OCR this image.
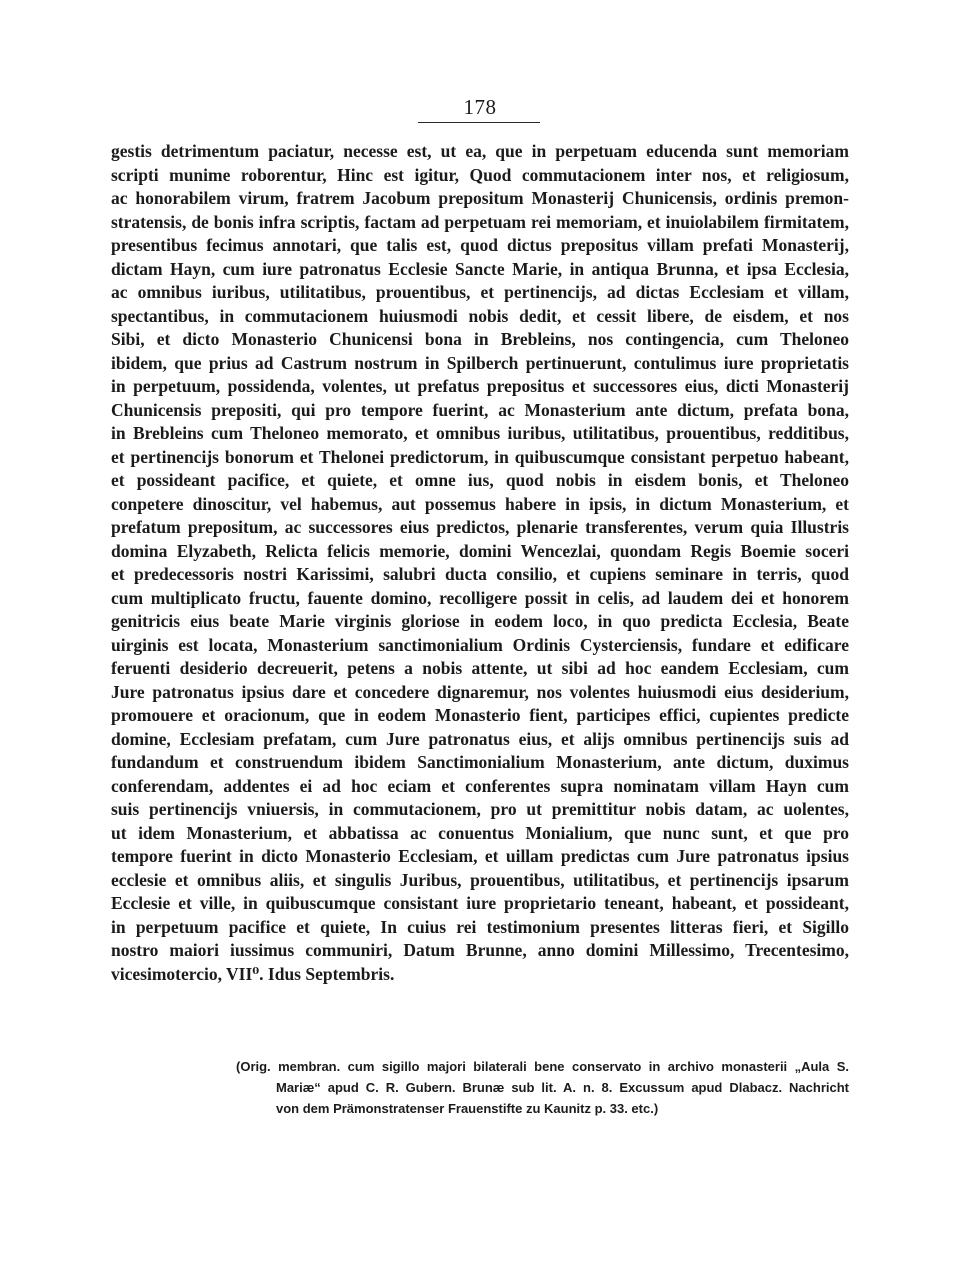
178
gestis detrimentum paciatur, necesse est, ut ea, que in perpetuam educenda sunt memoriam
scripti munime roborentur, Hinc est igitur, Quod commutacionem inter nos, et religiosum,
ac honorabilem virum, fratrem Jacobum prepositum Monasterij Chunicensis, ordinis premon-
stratensis, de bonis infra scriptis, factam ad perpetuam rei memoriam, et inuiolabilem firmitatem,
presentibus fecimus annotari, que talis est, quod dictus prepositus villam prefati Monasterij,
dictam Hayn, cum iure patronatus Ecclesie Sancte Marie, in antiqua Brunna, et ipsa Ecclesia,
ac omnibus iuribus, utilitatibus, prouentibus, et pertinencijs, ad dictas Ecclesiam et villam,
spectantibus, in commutacionem huiusmodi nobis dedit, et cessit libere, de eisdem, et nos
Sibi, et dicto Monasterio Chunicensi bona in Brebleins, nos contingencia, cum Theloneo
ibidem, que prius ad Castrum nostrum in Spilberch pertinuerunt, contulimus iure proprietatis
in perpetuum, possidenda, volentes, ut prefatus prepositus et successores eius, dicti Monasterij
Chunicensis prepositi, qui pro tempore fuerint, ac Monasterium ante dictum, prefata bona,
in Brebleins cum Theloneo memorato, et omnibus iuribus, utilitatibus, prouentibus, redditibus,
et pertinencijs bonorum et Thelonei predictorum, in quibuscumque consistant perpetuo habeant,
et possideant pacifice, et quiete, et omne ius, quod nobis in eisdem bonis, et Theloneo
conpetere dinoscitur, vel habemus, aut possemus habere in ipsis, in dictum Monasterium, et
prefatum prepositum, ac successores eius predictos, plenarie transferentes, verum quia Illustris
domina Elyzabeth, Relicta felicis memorie, domini Wencezlai, quondam Regis Boemie soceri
et predecessoris nostri Karissimi, salubri ducta consilio, et cupiens seminare in terris, quod
cum multiplicato fructu, fauente domino, recolligere possit in celis, ad laudem dei et honorem
genitricis eius beate Marie virginis gloriose in eodem loco, in quo predicta Ecclesia, Beate
uirginis est locata, Monasterium sanctimonialium Ordinis Cysterciensis, fundare et edificare
feruenti desiderio decreuerit, petens a nobis attente, ut sibi ad hoc eandem Ecclesiam, cum
Jure patronatus ipsius dare et concedere dignaremur, nos volentes huiusmodi eius desiderium,
promouere et oracionum, que in eodem Monasterio fient, participes effici, cupientes predicte
domine, Ecclesiam prefatam, cum Jure patronatus eius, et alijs omnibus pertinencijs suis ad
fundandum et construendum ibidem Sanctimonialium Monasterium, ante dictum, duximus
conferendam, addentes ei ad hoc eciam et conferentes supra nominatam villam Hayn cum
suis pertinencijs vniuersis, in commutacionem, pro ut premittitur nobis datam, ac uolentes,
ut idem Monasterium, et abbatissa ac conuentus Monialium, que nunc sunt, et que pro
tempore fuerint in dicto Monasterio Ecclesiam, et uillam predictas cum Jure patronatus ipsius
ecclesie et omnibus aliis, et singulis Juribus, prouentibus, utilitatibus, et pertinencijs ipsarum
Ecclesie et ville, in quibuscumque consistant iure proprietario teneant, habeant, et possideant,
in perpetuum pacifice et quiete, In cuius rei testimonium presentes litteras fieri, et Sigillo
nostro maiori iussimus communiri, Datum Brunne, anno domini Millessimo, Trecentesimo,
vicesimotercio, VII⁰. Idus Septembris.
(Orig. membran. cum sigillo majori bilaterali bene conservato in archivo monasterii „Aula S.
Mariæ“ apud C. R. Gubern. Brunæ sub lit. A. n. 8. Excussum apud Dlabacz. Nachricht
von dem Prämonstratenser Frauenstifte zu Kaunitz p. 33. etc.)
